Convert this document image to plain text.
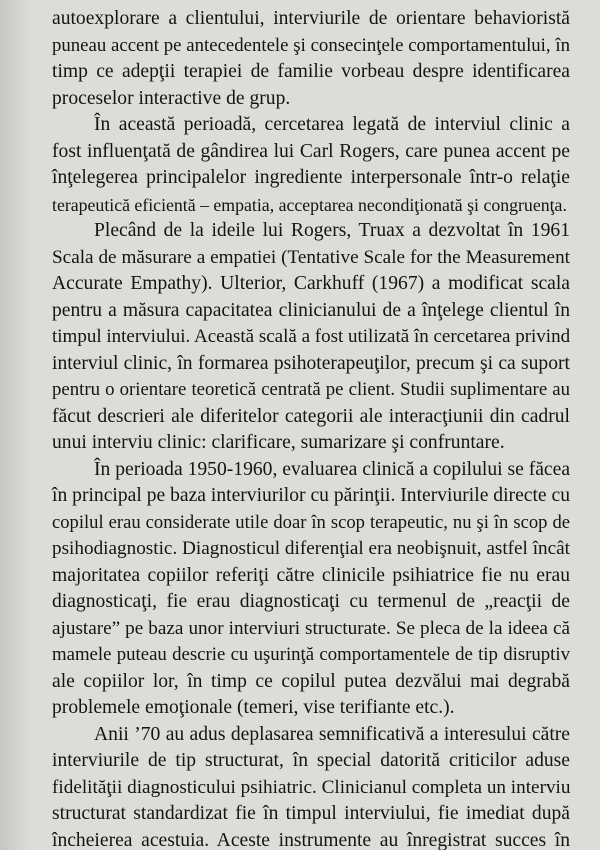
autoexplorare a clientului, interviurile de orientare behavioristă
puneau accent pe antecedentele şi consecinţele comportamentului, în
timp ce adepţii terapiei de familie vorbeau despre identificarea
proceselor interactive de grup.
În această perioadă, cercetarea legată de interviul clinic a
fost influenţată de gândirea lui Carl Rogers, care punea accent pe
înţelegerea principalelor ingrediente interpersonale într-o relaţie
terapeutică eficientă – empatia, acceptarea necondiţionată şi congruenţa.
Plecând de la ideile lui Rogers, Truax a dezvoltat în 1961
Scala de măsurare a empatiei (Tentative Scale for the Measurement
Accurate Empathy). Ulterior, Carkhuff (1967) a modificat scala
pentru a măsura capacitatea clinicianului de a înţelege clientul în
timpul interviului. Această scală a fost utilizată în cercetarea privind
interviul clinic, în formarea psihoterapeuţilor, precum şi ca suport
pentru o orientare teoretică centrată pe client. Studii suplimentare au
făcut descrieri ale diferitelor categorii ale interacţiunii din cadrul
unui interviu clinic: clarificare, sumarizare şi confruntare.
În perioada 1950-1960, evaluarea clinică a copilului se făcea
în principal pe baza interviurilor cu părinţii. Interviurile directe cu
copilul erau considerate utile doar în scop terapeutic, nu şi în scop de
psihodiagnostic. Diagnosticul diferenţial era neobişnuit, astfel încât
majoritatea copiilor referiţi către clinicile psihiatrice fie nu erau
diagnosticaţi, fie erau diagnosticaţi cu termenul de „reacţii de
ajustare” pe baza unor interviuri structurate. Se pleca de la ideea că
mamele puteau descrie cu uşurinţă comportamentele de tip disruptiv
ale copiilor lor, în timp ce copilul putea dezvălui mai degrabă
problemele emoţionale (temeri, vise terifiante etc.).
Anii ’70 au adus deplasarea semnificativă a interesului către
interviurile de tip structurat, în special datorită criticilor aduse
fidelităţii diagnosticului psihiatric. Clinicianul completa un interviu
structurat standardizat fie în timpul interviului, fie imediat după
încheierea acestuia. Aceste instrumente au înregistrat succes în
